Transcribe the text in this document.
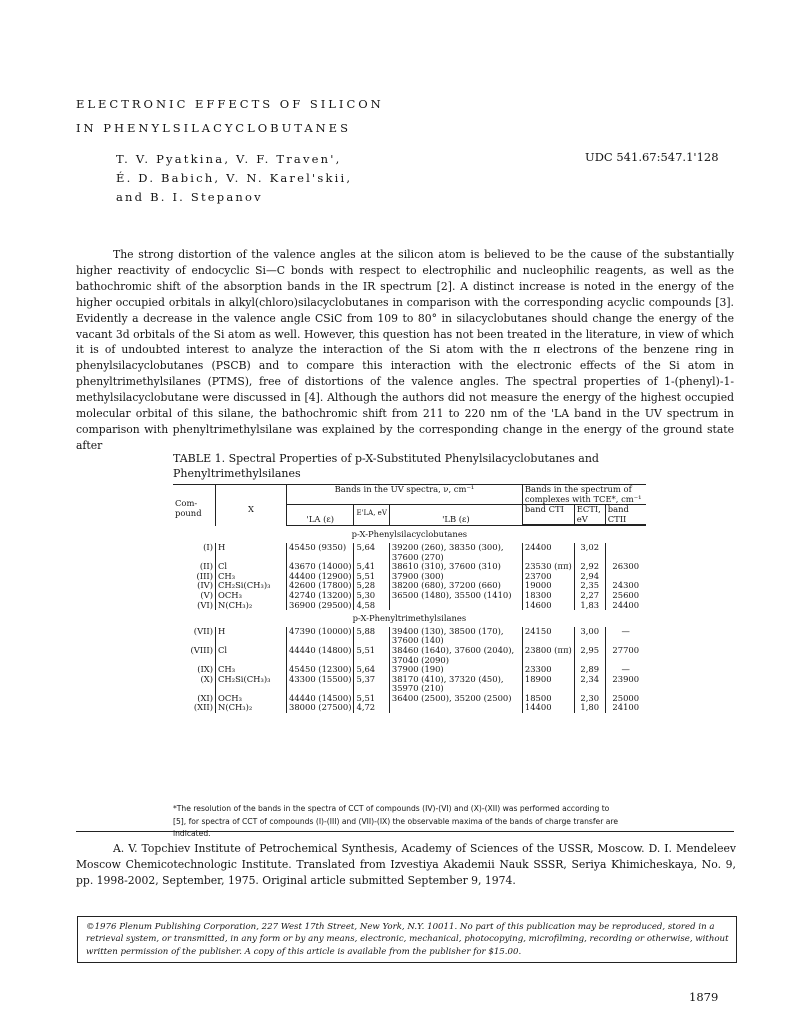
ELECTRONIC EFFECTS OF SILICON
IN PHENYLSILACYCLOBUTANES
T. V. Pyatkina, V. F. Traven',
É. D. Babich, V. N. Karel'skii,
and B. I. Stepanov
UDC 541.67:547.1'128

The strong distortion of the valence angles at the silicon atom is believed to be the cause of the substantially higher reactivity of endocyclic Si—C bonds with respect to electrophilic and nucleophilic reagents, as well as the bathochromic shift of the absorption bands in the IR spectrum [2]. A distinct increase is noted in the energy of the higher occupied orbitals in alkyl(chloro)silacyclobutanes in comparison with the corresponding acyclic compounds [3]. Evidently a decrease in the valence angle CSiC from 109 to 80° in silacyclobutanes should change the energy of the vacant 3d orbitals of the Si atom as well. However, this question has not been treated in the literature, in view of which it is of undoubted interest to analyze the interaction of the Si atom with the π electrons of the benzene ring in phenylsilacyclobutanes (PSCB) and to compare this interaction with the electronic effects of the Si atom in phenyltrimethylsilanes (PTMS), free of distortions of the valence angles. The spectral properties of 1-(phenyl)-1-methylsilacyclobutane were discussed in [4]. Although the authors did not measure the energy of the highest occupied molecular orbital of this silane, the bathochromic shift from 211 to 220 nm of the 'LA band in the UV spectrum in comparison with phenyltrimethylsilane was explained by the corresponding change in the energy of the ground state after

TABLE 1. Spectral Properties of p-X-Substituted Phenylsilacyclobutanes and Phenyltrimethylsilanes
Com-pound	X	Bands in the UV spectra, ν, cm⁻¹			Bands in the spectrum of complexes with TCE*, cm⁻¹		
		'LA (ε)	E'LA, eV	'LB (ε)	band CTI	ECTI, eV	band CTII

p-X-Phenylsilacyclobutanes							
(I)	H	45450 (9350)	5,64	39200 (260), 38350 (300), 37600 (270)	24400	3,02	
(II)	Cl	43670 (14000)	5,41	38610 (310), 37600 (310)	23530 (ππ)	2,92	26300
(III)	CH₃	44400 (12900)	5,51	37900 (300)	23700	2,94	
(IV)	CH₂Si(CH₃)₃	42600 (17800)	5,28	38200 (680), 37200 (660)	19000	2,35	24300
(V)	OCH₃	42740 (13200)	5,30	36500 (1480), 35500 (1410)	18300	2,27	25600
(VI)	N(CH₃)₂	36900 (29500)	4,58		14600	1,83	24400
p-X-Phenyltrimethylsilanes							
(VII)	H	47390 (10000)	5,88	39400 (130), 38500 (170), 37600 (140)	24150	3,00	—
(VIII)	Cl	44440 (14800)	5,51	38460 (1640), 37600 (2040), 37040 (2090)	23800 (ππ)	2,95	27700
(IX)	CH₃	45450 (12300)	5,64	37900 (190)	23300	2,89	—
(X)	CH₂Si(CH₃)₃	43300 (15500)	5,37	38170 (410), 37320 (450), 35970 (210)	18900	2,34	23900
(XI)	OCH₃	44440 (14500)	5,51	36400 (2500), 35200 (2500)	18500	2,30	25000
(XII)	N(CH₃)₂	38000 (27500)	4,72		14400	1,80	24100
*The resolution of the bands in the spectra of CCT of compounds (IV)-(VI) and (X)-(XII) was performed according to [5], for spectra of CCT of compounds (I)-(III) and (VII)-(IX) the observable maxima of the bands of charge transfer are indicated.

A. V. Topchiev Institute of Petrochemical Synthesis, Academy of Sciences of the USSR, Moscow. D. I. Mendeleev Moscow Chemicotechnologic Institute. Translated from Izvestiya Akademii Nauk SSSR, Seriya Khimicheskaya, No. 9, pp. 1998-2002, September, 1975. Original article submitted September 9, 1974.

©1976 Plenum Publishing Corporation, 227 West 17th Street, New York, N.Y. 10011. No part of this publication may be reproduced, stored in a retrieval system, or transmitted, in any form or by any means, electronic, mechanical, photocopying, microfilming, recording or otherwise, without written permission of the publisher. A copy of this article is available from the publisher for $15.00.
1879
